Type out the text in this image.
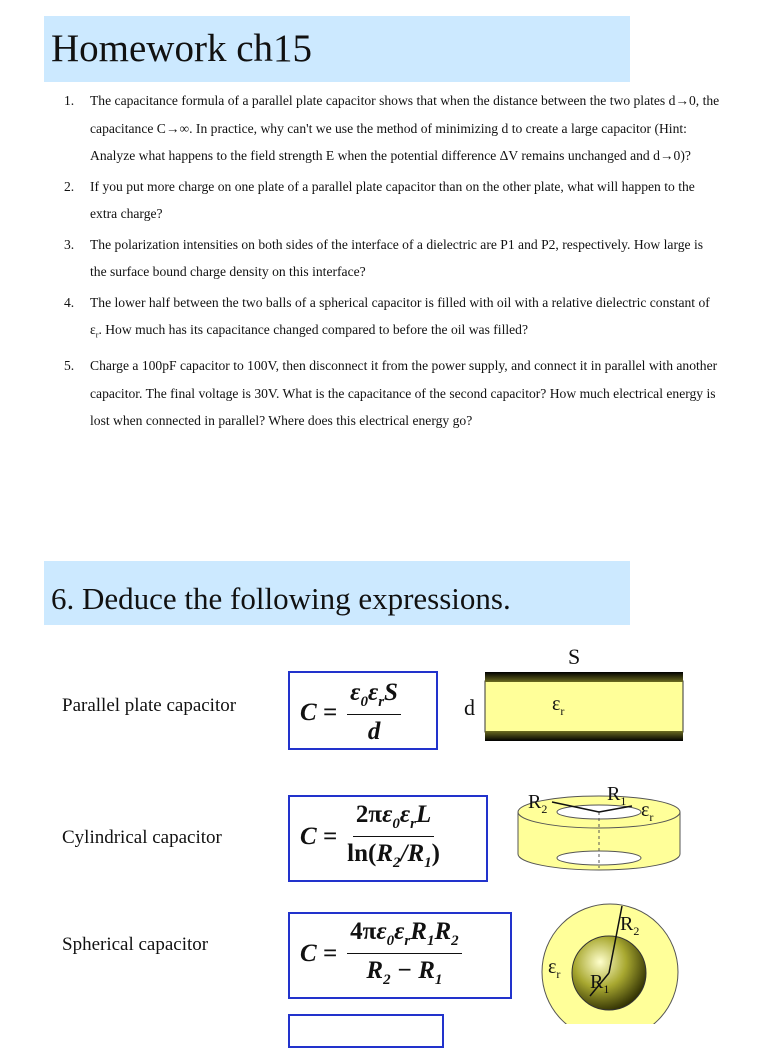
Homework ch15
1. The capacitance formula of a parallel plate capacitor shows that when the distance between the two plates d→0, the capacitance C→∞. In practice, why can't we use the method of minimizing d to create a large capacitor (Hint: Analyze what happens to the field strength E when the potential difference ΔV remains unchanged and d→0)?
2. If you put more charge on one plate of a parallel plate capacitor than on the other plate, what will happen to the extra charge?
3. The polarization intensities on both sides of the interface of a dielectric are P1 and P2, respectively. How large is the surface bound charge density on this interface?
4. The lower half between the two balls of a spherical capacitor is filled with oil with a relative dielectric constant of $\varepsilon_r$. How much has its capacitance changed compared to before the oil was filled?
5. Charge a 100pF capacitor to 100V, then disconnect it from the power supply, and connect it in parallel with another capacitor. The final voltage is 30V. What is the capacitance of the second capacitor? How much electrical energy is lost when connected in parallel? Where does this electrical energy go?
6. Deduce the following expressions.
Parallel plate capacitor	C =
$\varepsilon_0\varepsilon_rS$
d
d
S
$\varepsilon_r$
Cylindrical capacitor	C =
$2\pi\varepsilon_0\varepsilon_rL$
$\ln(R_2/R_1)$
$R_2$
$R_1$ $\varepsilon_r$
Spherical capacitor	C =
$4\pi\varepsilon_0\varepsilon_rR_1R_2$
$R_2 - R_1$
$R_2$
$R_1$
$\varepsilon_r$
